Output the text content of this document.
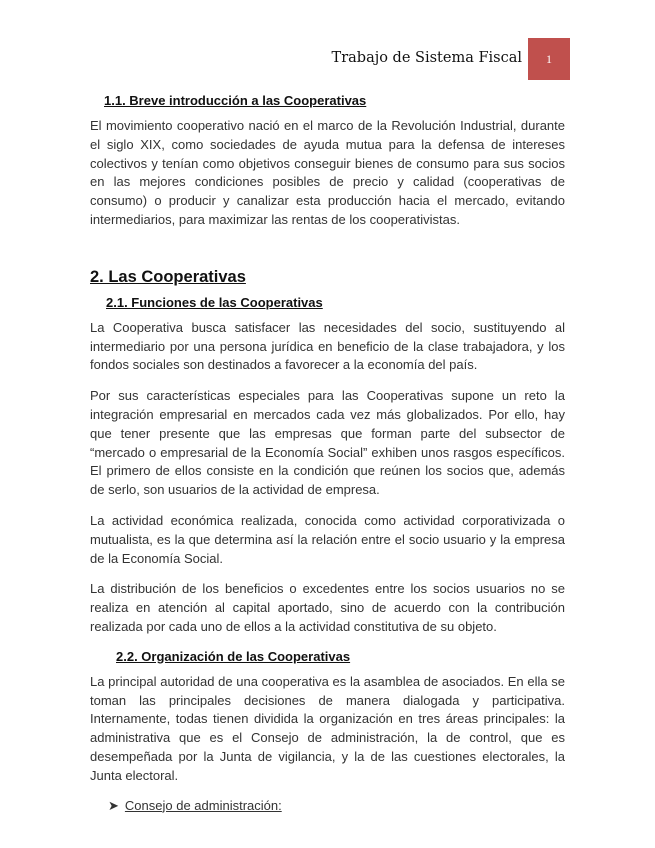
Trabajo de Sistema Fiscal	1
1.1. Breve introducción a las Cooperativas

El movimiento cooperativo nació en el marco de la Revolución Industrial, durante el siglo XIX, como sociedades de ayuda mutua para la defensa de intereses colectivos y tenían como objetivos conseguir bienes de consumo para sus socios en las mejores condiciones posibles de precio y calidad (cooperativas de consumo) o producir y canalizar esta producción hacia el mercado, evitando intermediarios, para maximizar las rentas de los cooperativistas.

2. Las Cooperativas
2.1. Funciones de las Cooperativas

La Cooperativa busca satisfacer las necesidades del socio, sustituyendo al intermediario por una persona jurídica en beneficio de la clase trabajadora, y los fondos sociales son destinados a favorecer a la economía del país.

Por sus características especiales para las Cooperativas supone un reto la integración empresarial en mercados cada vez más globalizados. Por ello, hay que tener presente que las empresas que forman parte del subsector de “mercado o empresarial de la Economía Social” exhiben unos rasgos específicos. El primero de ellos consiste en la condición que reúnen los socios que, además de serlo, son usuarios de la actividad de empresa.

La actividad económica realizada, conocida como actividad corporativizada o mutualista, es la que determina así la relación entre el socio usuario y la empresa de la Economía Social.

La distribución de los beneficios o excedentes entre los socios usuarios no se realiza en atención al capital aportado, sino de acuerdo con la contribución realizada por cada uno de ellos a la actividad constitutiva de su objeto.

2.2. Organización de las Cooperativas

La principal autoridad de una cooperativa es la asamblea de asociados. En ella se toman las principales decisiones de manera dialogada y participativa. Internamente, todas tienen dividida la organización en tres áreas principales: la administrativa que es el Consejo de administración, la de control, que es desempeñada por la Junta de vigilancia, y la de las cuestiones electorales, la Junta electoral.

➤ Consejo de administración:
